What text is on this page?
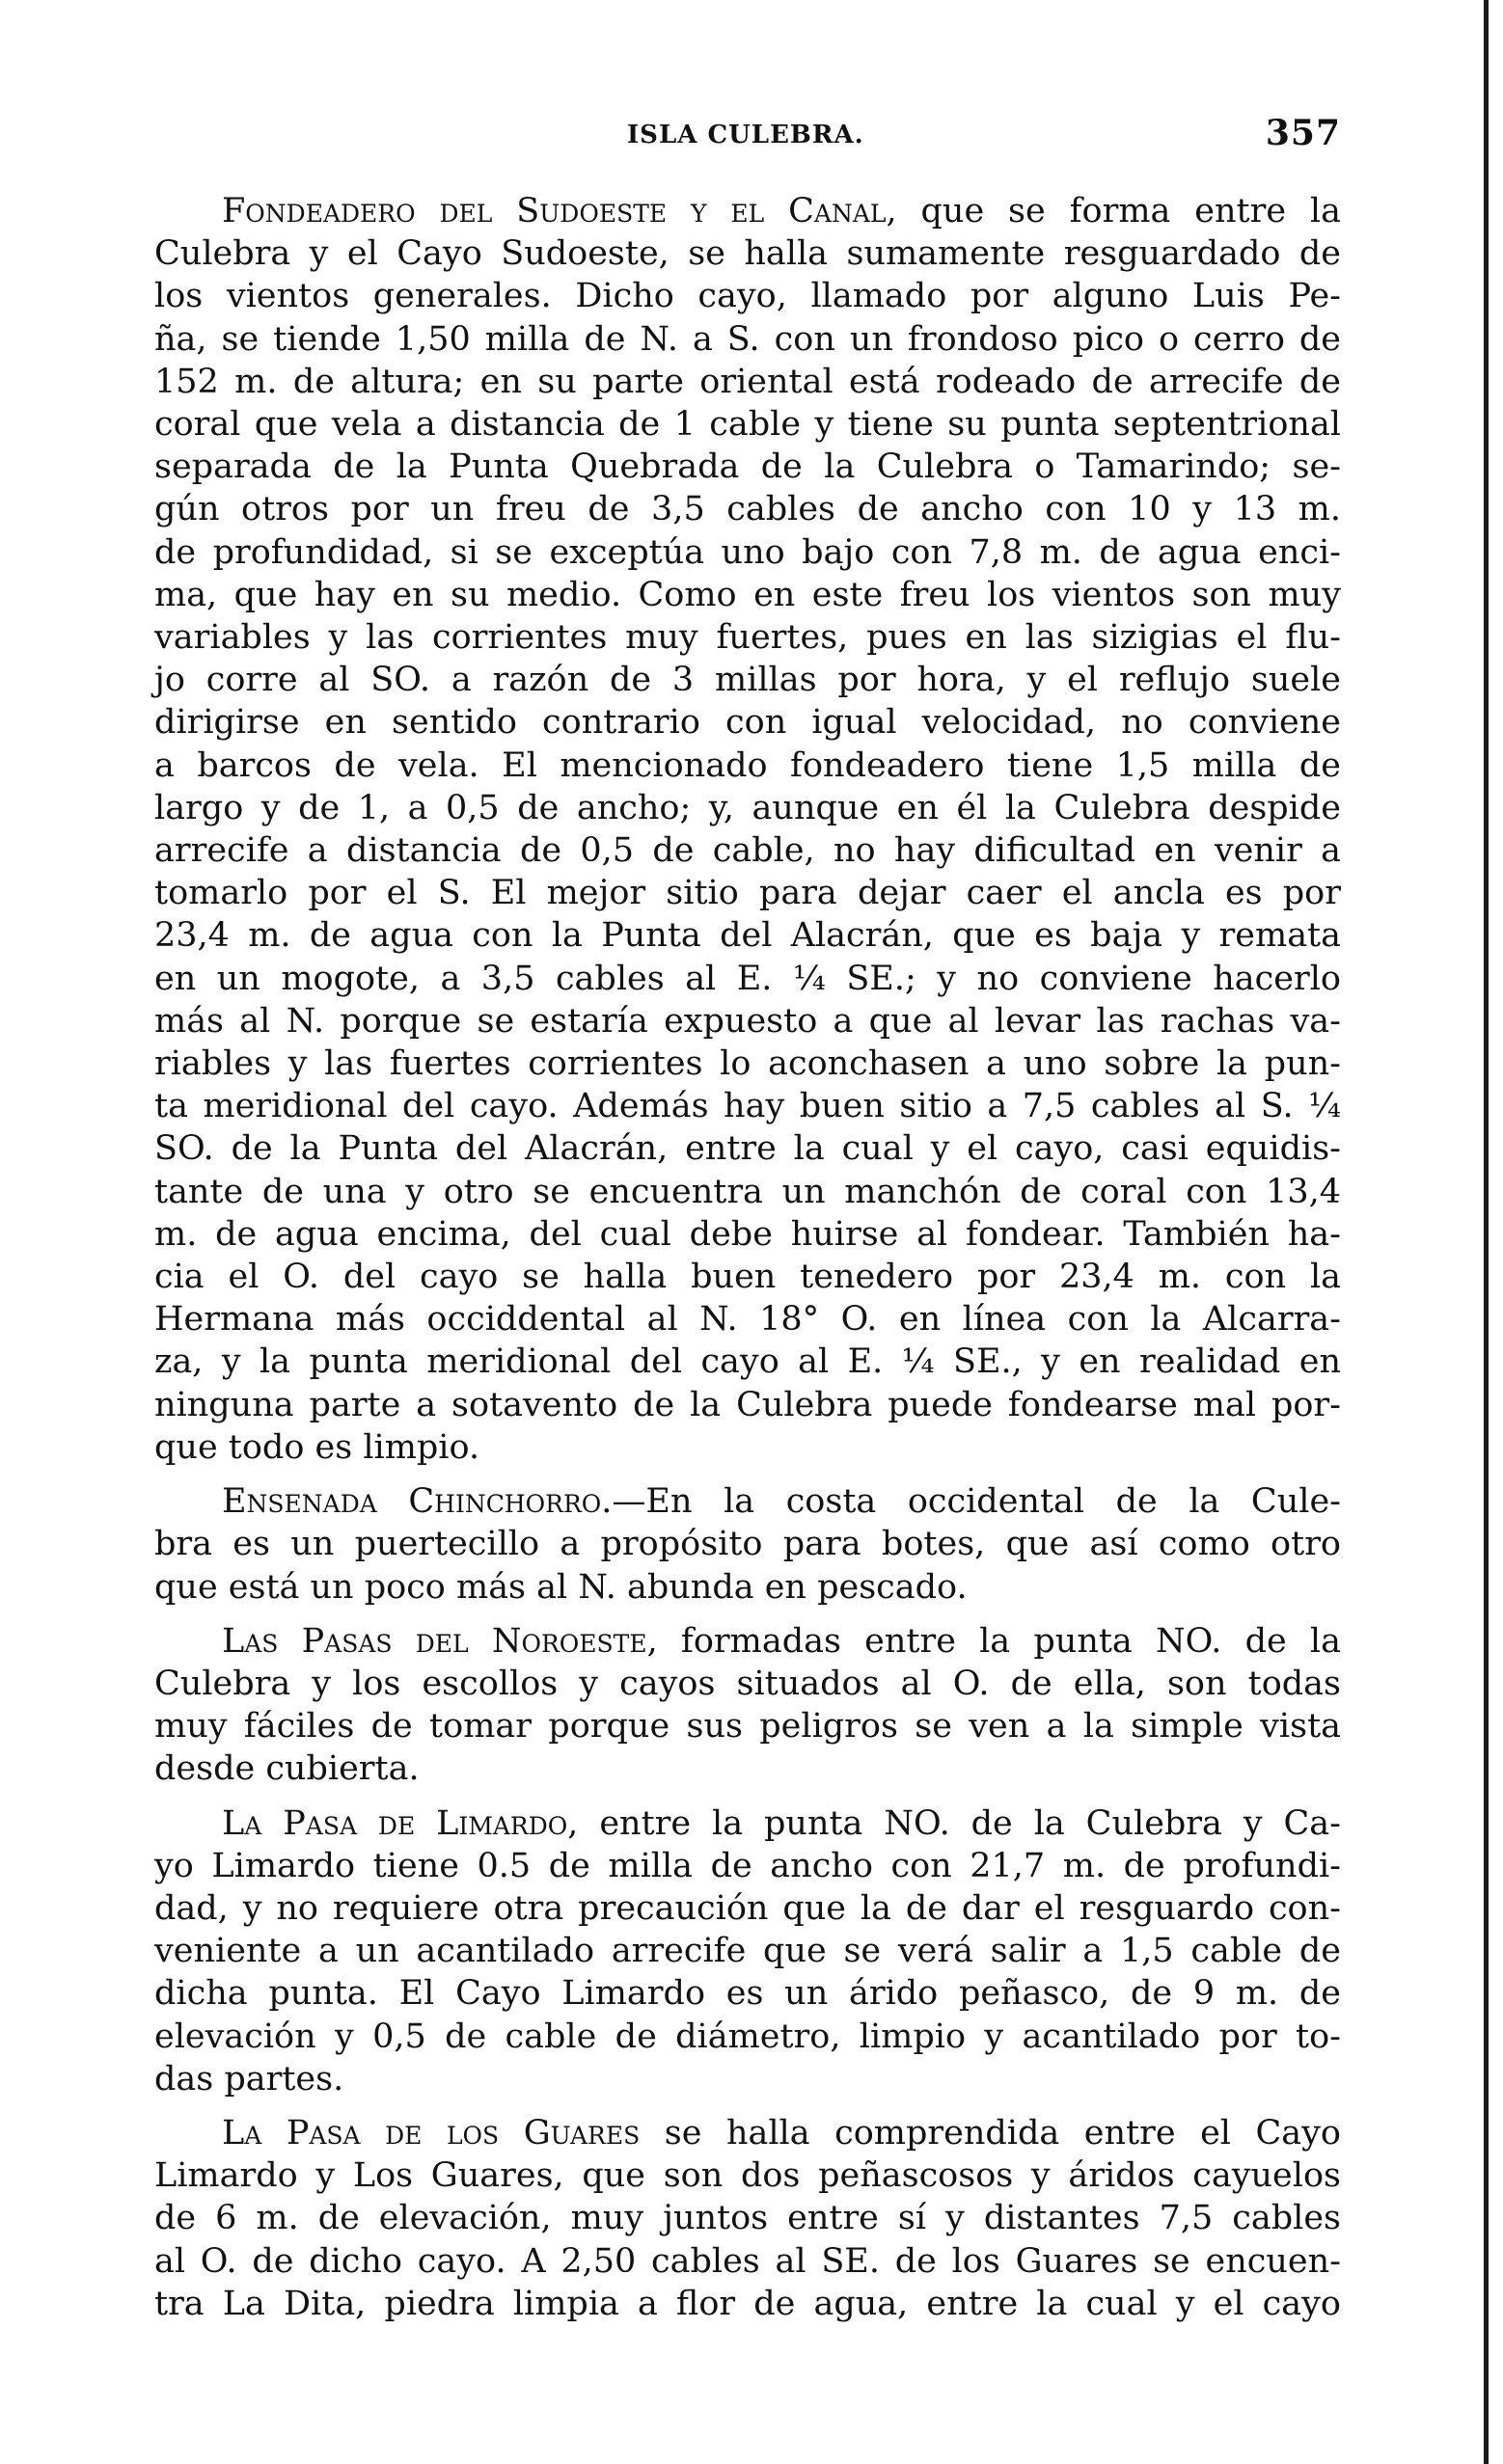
ISLA CULEBRA.	357
Fondeadero del Sudoeste y el Canal, que se forma entre la
Culebra y el Cayo Sudoeste, se halla sumamente resguardado de
los vientos generales. Dicho cayo, llamado por alguno Luis Pe-
ña, se tiende 1,50 milla de N. a S. con un frondoso pico o cerro de
152 m. de altura; en su parte oriental está rodeado de arrecife de
coral que vela a distancia de 1 cable y tiene su punta septentrional
separada de la Punta Quebrada de la Culebra o Tamarindo; se-
gún otros por un freu de 3,5 cables de ancho con 10 y 13 m.
de profundidad, si se exceptúa uno bajo con 7,8 m. de agua enci-
ma, que hay en su medio. Como en este freu los vientos son muy
variables y las corrientes muy fuertes, pues en las sizigias el flu-
jo corre al SO. a razón de 3 millas por hora, y el reflujo suele
dirigirse en sentido contrario con igual velocidad, no conviene
a barcos de vela. El mencionado fondeadero tiene 1,5 milla de
largo y de 1, a 0,5 de ancho; y, aunque en él la Culebra despide
arrecife a distancia de 0,5 de cable, no hay dificultad en venir a
tomarlo por el S. El mejor sitio para dejar caer el ancla es por
23,4 m. de agua con la Punta del Alacrán, que es baja y remata
en un mogote, a 3,5 cables al E. ¼ SE.; y no conviene hacerlo
más al N. porque se estaría expuesto a que al levar las rachas va-
riables y las fuertes corrientes lo aconchasen a uno sobre la pun-
ta meridional del cayo. Además hay buen sitio a 7,5 cables al S. ¼
SO. de la Punta del Alacrán, entre la cual y el cayo, casi equidis-
tante de una y otro se encuentra un manchón de coral con 13,4
m. de agua encima, del cual debe huirse al fondear. También ha-
cia el O. del cayo se halla buen tenedero por 23,4 m. con la
Hermana más occiddental al N. 18° O. en línea con la Alcarra-
za, y la punta meridional del cayo al E. ¼ SE., y en realidad en
ninguna parte a sotavento de la Culebra puede fondearse mal por-
que todo es limpio.
Ensenada Chinchorro.—En la costa occidental de la Cule-
bra es un puertecillo a propósito para botes, que así como otro
que está un poco más al N. abunda en pescado.
Las Pasas del Noroeste, formadas entre la punta NO. de la
Culebra y los escollos y cayos situados al O. de ella, son todas
muy fáciles de tomar porque sus peligros se ven a la simple vista
desde cubierta.
La Pasa de Limardo, entre la punta NO. de la Culebra y Ca-
yo Limardo tiene 0.5 de milla de ancho con 21,7 m. de profundi-
dad, y no requiere otra precaución que la de dar el resguardo con-
veniente a un acantilado arrecife que se verá salir a 1,5 cable de
dicha punta. El Cayo Limardo es un árido peñasco, de 9 m. de
elevación y 0,5 de cable de diámetro, limpio y acantilado por to-
das partes.
La Pasa de los Guares se halla comprendida entre el Cayo
Limardo y Los Guares, que son dos peñascosos y áridos cayuelos
de 6 m. de elevación, muy juntos entre sí y distantes 7,5 cables
al O. de dicho cayo. A 2,50 cables al SE. de los Guares se encuen-
tra La Dita, piedra limpia a flor de agua, entre la cual y el cayo
